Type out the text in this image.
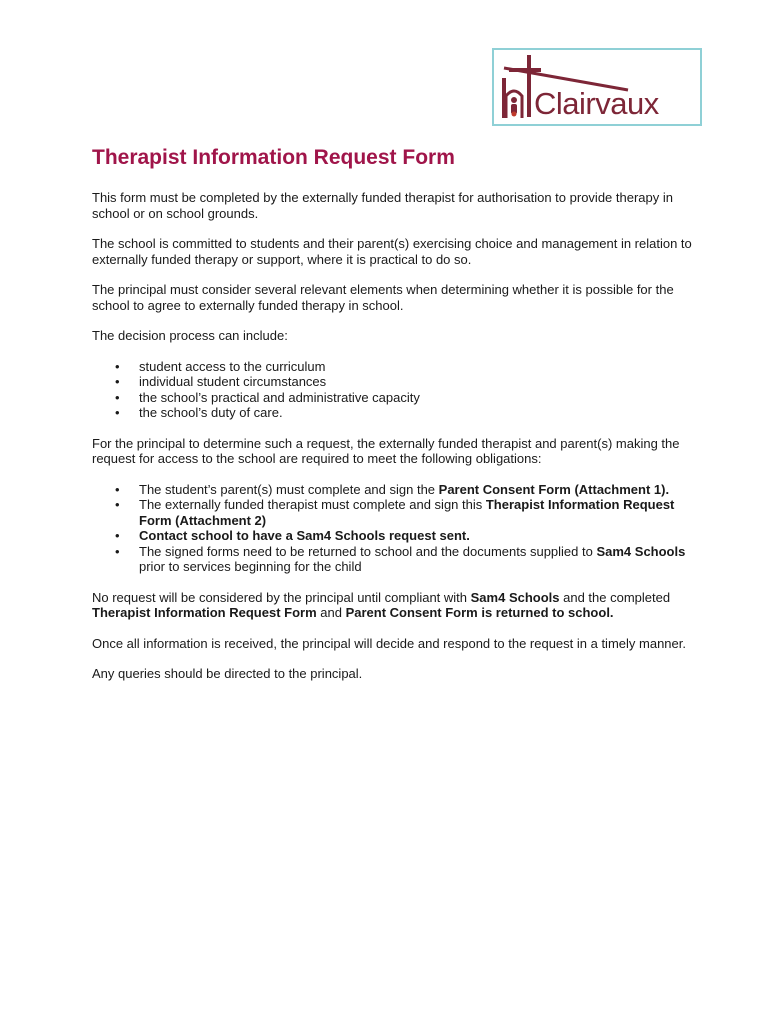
Clairvaux
Therapist Information Request Form

This form must be completed by the externally funded therapist for authorisation to provide therapy in school or on school grounds.

The school is committed to students and their parent(s) exercising choice and management in relation to externally funded therapy or support, where it is practical to do so.

The principal must consider several relevant elements when determining whether it is possible for the school to agree to externally funded therapy in school.

The decision process can include:

• student access to the curriculum
• individual student circumstances
• the school’s practical and administrative capacity
• the school’s duty of care.

For the principal to determine such a request, the externally funded therapist and parent(s) making the request for access to the school are required to meet the following obligations:

• The student’s parent(s) must complete and sign the Parent Consent Form (Attachment 1).
• The externally funded therapist must complete and sign this Therapist Information Request Form (Attachment 2)
• Contact school to have a Sam4 Schools request sent.
• The signed forms need to be returned to school and the documents supplied to Sam4 Schools prior to services beginning for the child

No request will be considered by the principal until compliant with Sam4 Schools and the completed Therapist Information Request Form and Parent Consent Form is returned to school.

Once all information is received, the principal will decide and respond to the request in a timely manner.

Any queries should be directed to the principal.
